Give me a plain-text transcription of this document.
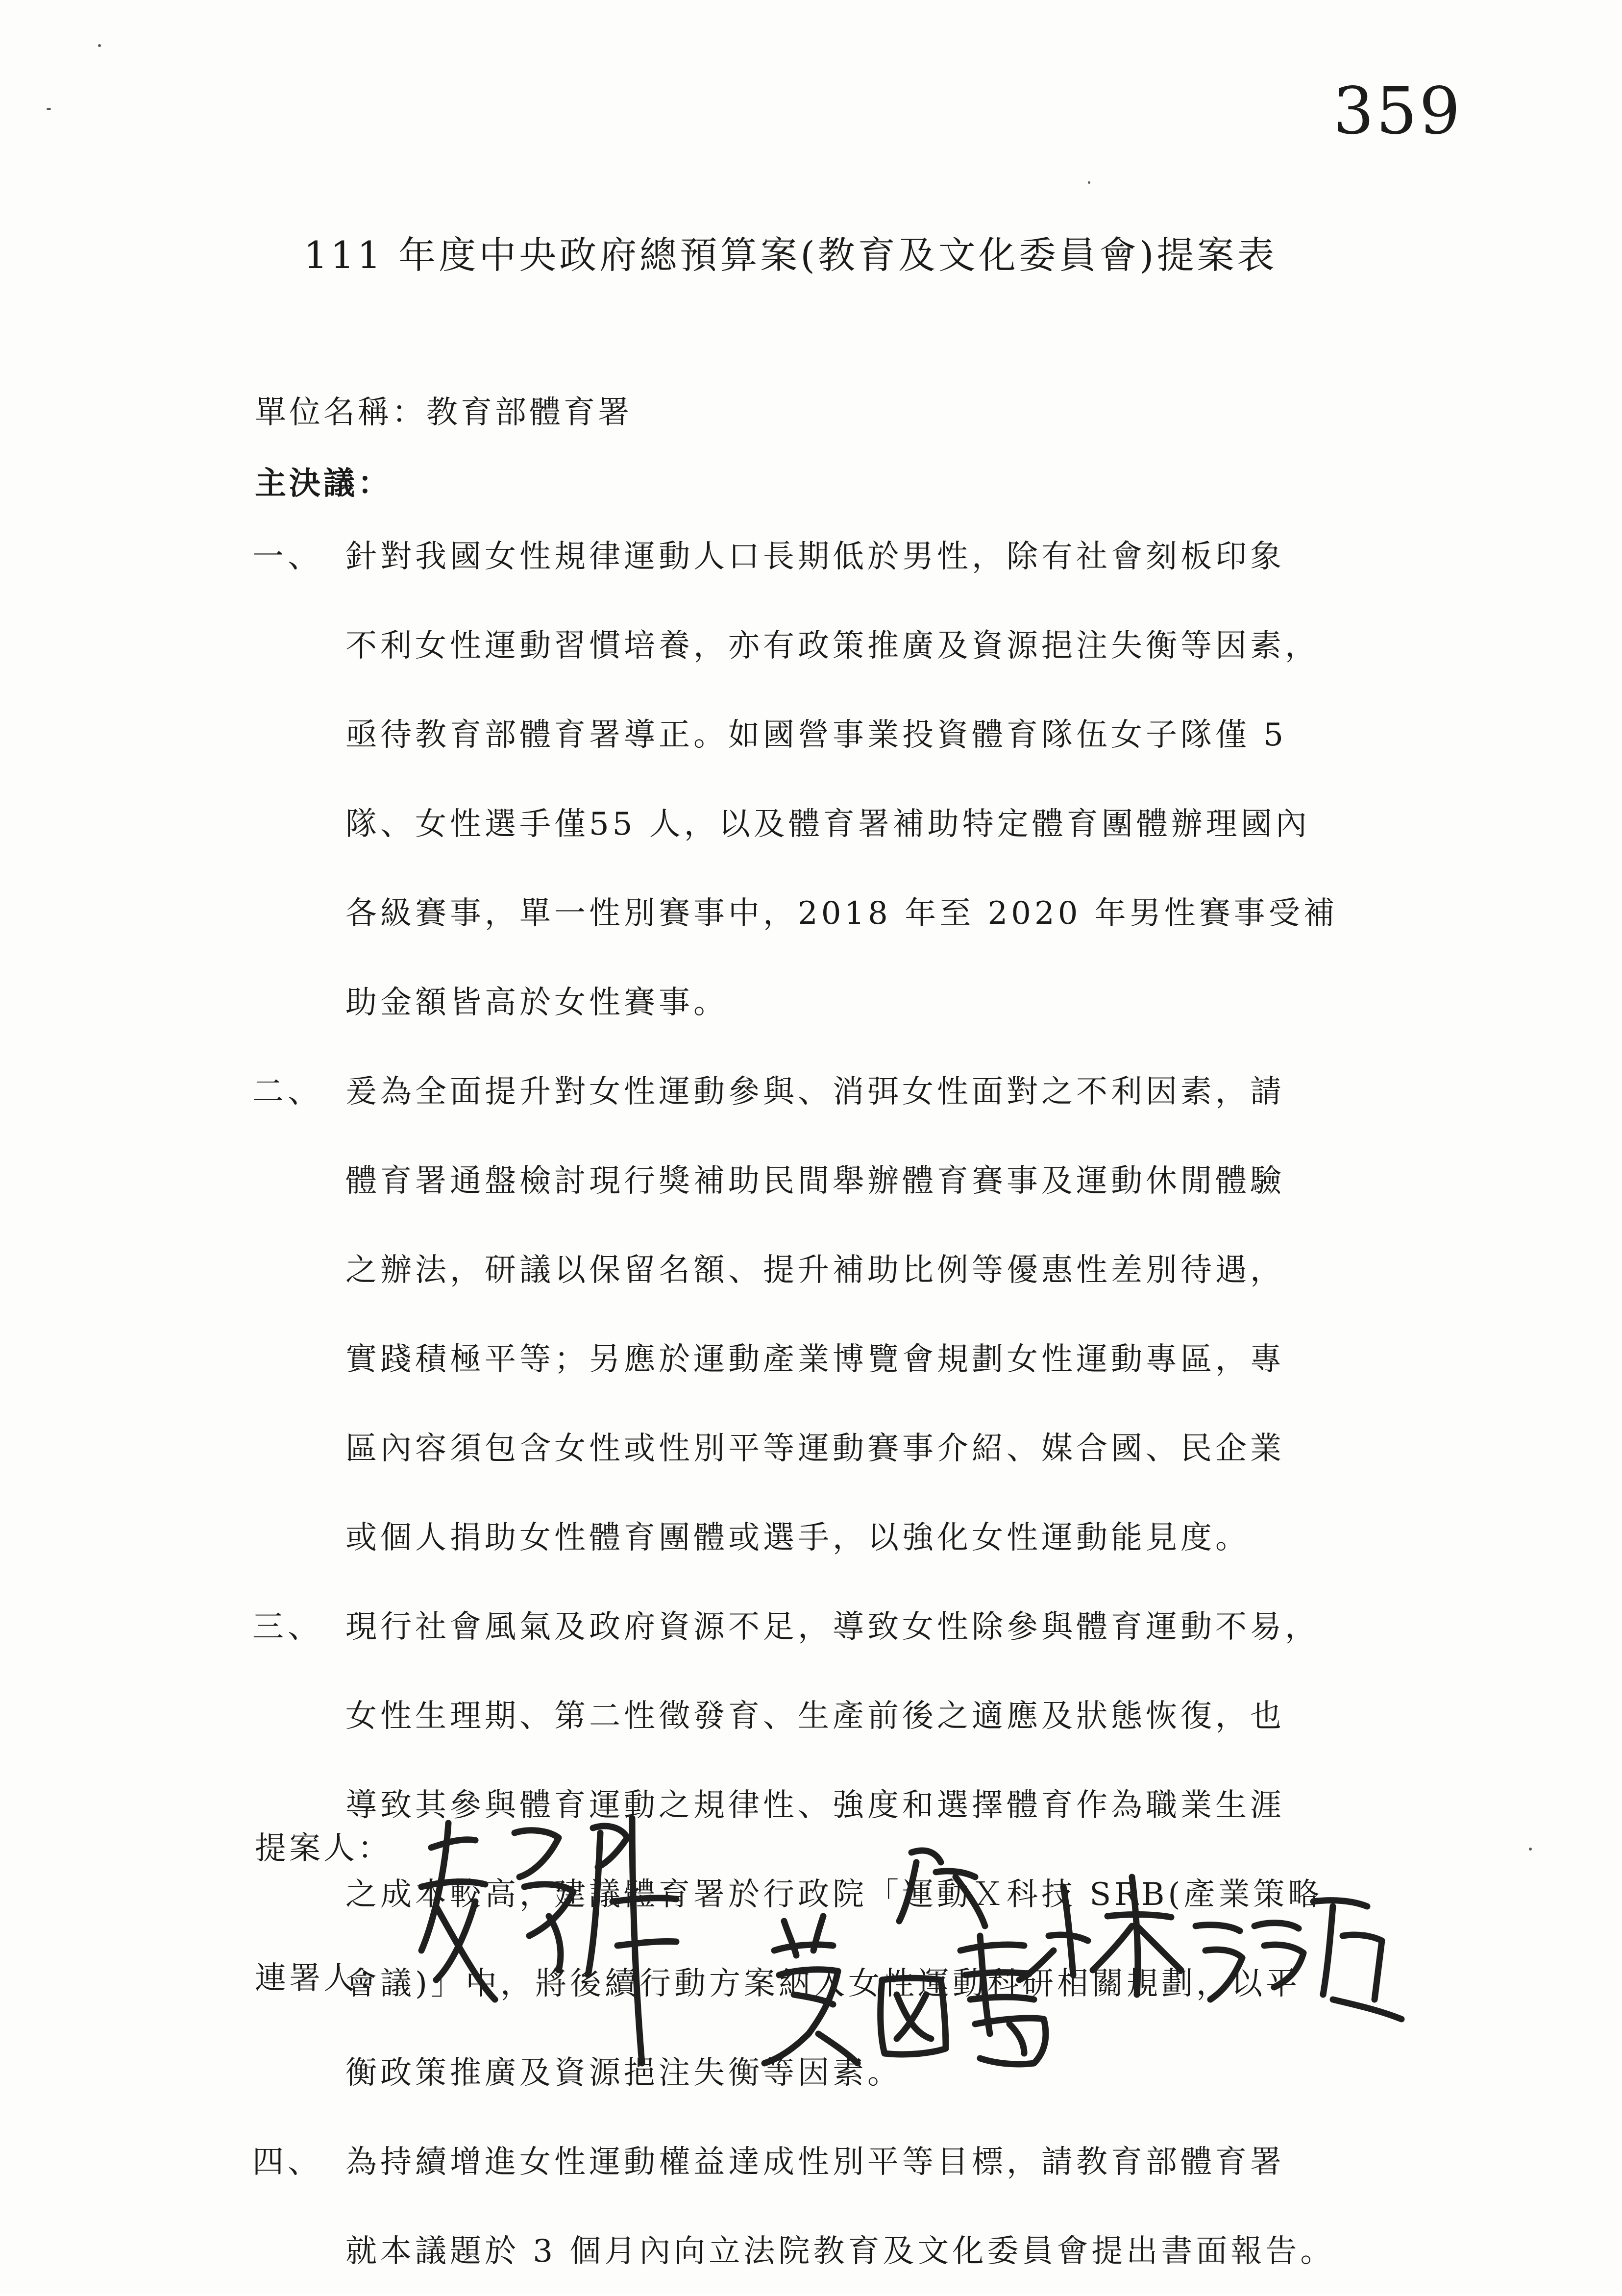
359
111 年度中央政府總預算案(教育及文化委員會)提案表
單位名稱：教育部體育署
主決議：
一、 針對我國女性規律運動人口長期低於男性，除有社會刻板印象
不利女性運動習慣培養，亦有政策推廣及資源挹注失衡等因素，
亟待教育部體育署導正。如國營事業投資體育隊伍女子隊僅 5
隊、女性選手僅55 人，以及體育署補助特定體育團體辦理國內
各級賽事，單一性別賽事中，2018 年至 2020 年男性賽事受補
助金額皆高於女性賽事。
二、 爰為全面提升對女性運動參與、消弭女性面對之不利因素，請
體育署通盤檢討現行獎補助民間舉辦體育賽事及運動休閒體驗
之辦法，研議以保留名額、提升補助比例等優惠性差別待遇，
實踐積極平等；另應於運動產業博覽會規劃女性運動專區，專
區內容須包含女性或性別平等運動賽事介紹、媒合國、民企業
或個人捐助女性體育團體或選手，以強化女性運動能見度。
三、 現行社會風氣及政府資源不足，導致女性除參與體育運動不易，
女性生理期、第二性徵發育、生產前後之適應及狀態恢復，也
導致其參與體育運動之規律性、強度和選擇體育作為職業生涯
之成本較高，建議體育署於行政院「運動Ｘ科技 SRB(產業策略
會議)」中，將後續行動方案納入女性運動科研相關規劃，以平
衡政策推廣及資源挹注失衡等因素。
四、 為持續增進女性運動權益達成性別平等目標，請教育部體育署
就本議題於 3 個月內向立法院教育及文化委員會提出書面報告。
提案人：
連署人：
